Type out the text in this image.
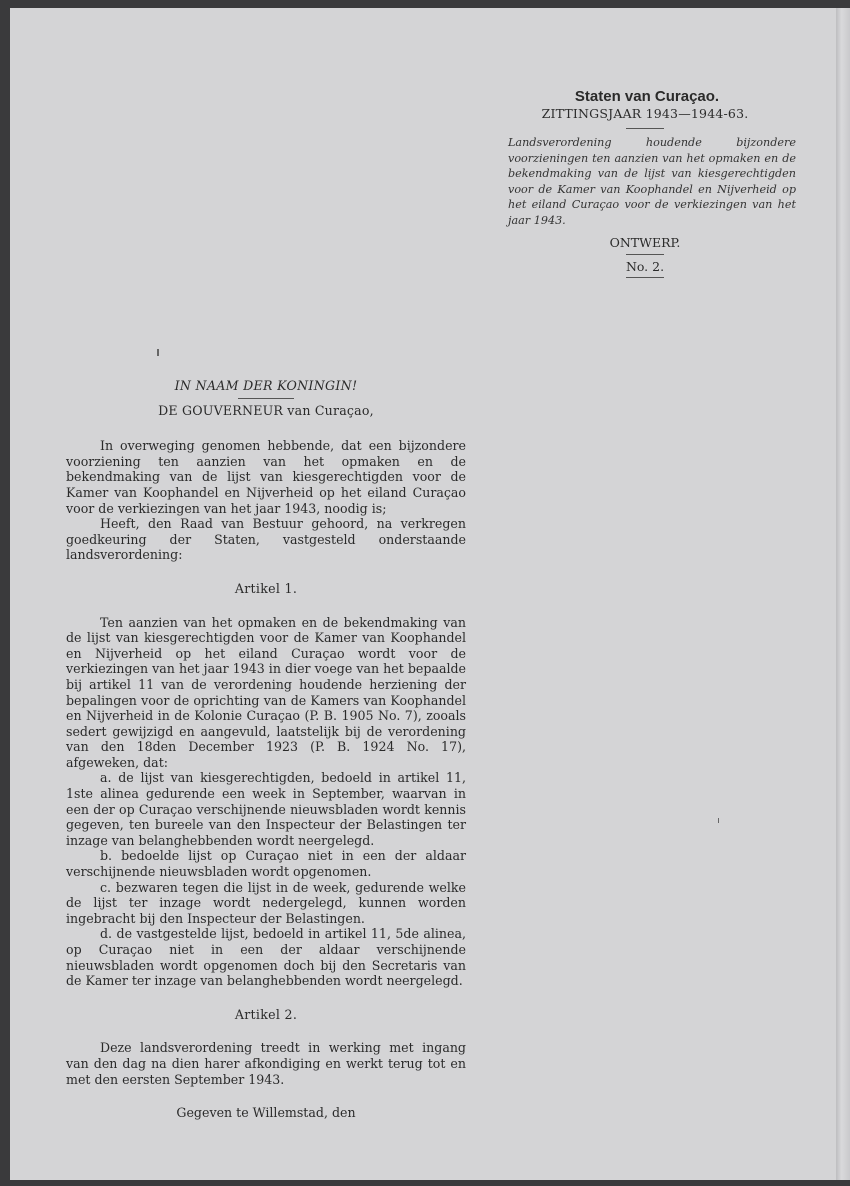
Staten van Curaçao.
ZITTINGSJAAR 1943—1944-63.
Landsverordening houdende bijzondere voorzieningen ten aanzien van het opmaken en de bekendmaking van de lijst van kiesgerechtigden voor de Kamer van Koophandel en Nijverheid op het eiland Curaçao voor de verkiezingen van het jaar 1943.
ONTWERP.
No. 2.
IN NAAM DER KONINGIN!
DE GOUVERNEUR van Curaçao,

In overweging genomen hebbende, dat een bijzondere voorziening ten aanzien van het opmaken en de bekendmaking van de lijst van kiesgerechtigden voor de Kamer van Koophandel en Nijverheid op het eiland Curaçao voor de verkiezingen van het jaar 1943, noodig is;

Heeft, den Raad van Bestuur gehoord, na verkregen goedkeuring der Staten, vastgesteld onderstaande landsverordening:

Artikel 1.

Ten aanzien van het opmaken en de bekendmaking van de lijst van kiesgerechtigden voor de Kamer van Koophandel en Nijverheid op het eiland Curaçao wordt voor de verkiezingen van het jaar 1943 in dier voege van het bepaalde bij artikel 11 van de verordening houdende herziening der bepalingen voor de oprichting van de Kamers van Koophandel en Nijverheid in de Kolonie Curaçao (P. B. 1905 No. 7), zooals sedert gewijzigd en aangevuld, laatstelijk bij de verordening van den 18den December 1923 (P. B. 1924 No. 17), afgeweken, dat:

a. de lijst van kiesgerechtigden, bedoeld in artikel 11, 1ste alinea gedurende een week in September, waarvan in een der op Curaçao verschijnende nieuwsbladen wordt kennis gegeven, ten bureele van den Inspecteur der Belastingen ter inzage van belanghebbenden wordt neergelegd.

b. bedoelde lijst op Curaçao niet in een der aldaar verschijnende nieuwsbladen wordt opgenomen.

c. bezwaren tegen die lijst in de week, gedurende welke de lijst ter inzage wordt nedergelegd, kunnen worden ingebracht bij den Inspecteur der Belastingen.

d. de vastgestelde lijst, bedoeld in artikel 11, 5de alinea, op Curaçao niet in een der aldaar verschijnende nieuwsbladen wordt opgenomen doch bij den Secretaris van de Kamer ter inzage van belanghebbenden wordt neergelegd.

Artikel 2.

Deze landsverordening treedt in werking met ingang van den dag na dien harer afkondiging en werkt terug tot en met den eersten September 1943.

Gegeven te Willemstad, den
